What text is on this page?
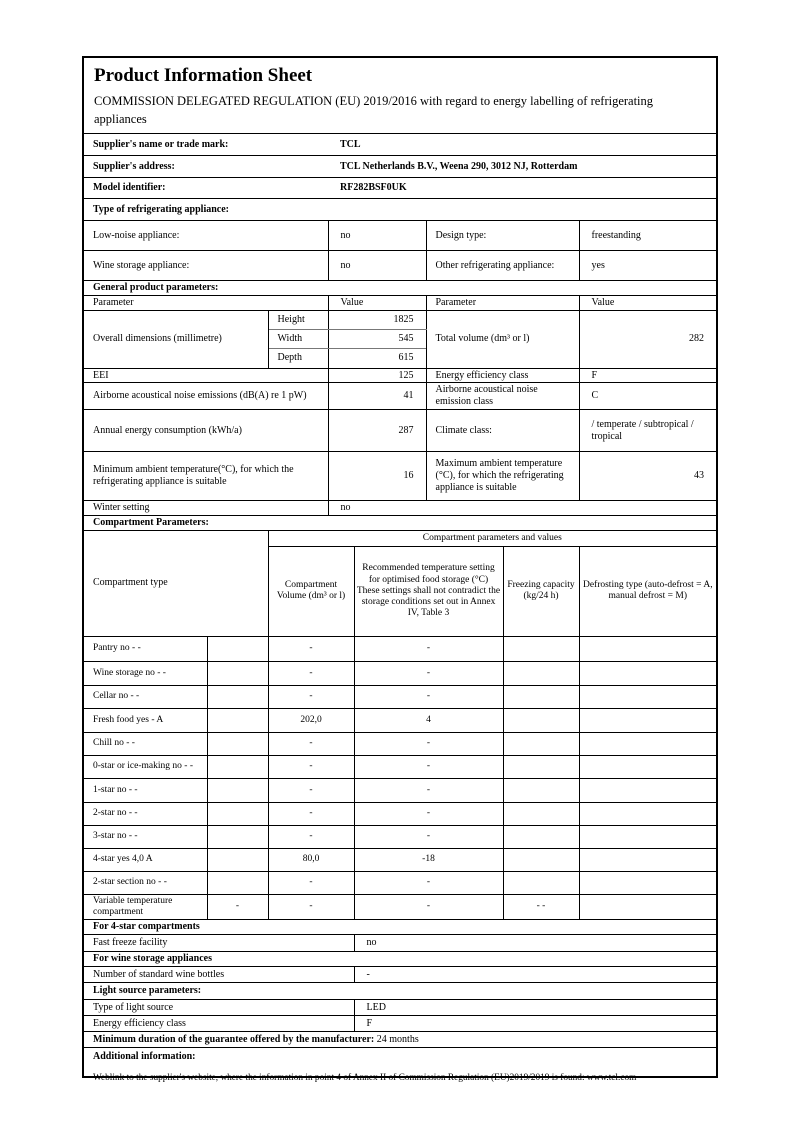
Product Information Sheet
COMMISSION DELEGATED REGULATION (EU) 2019/2016 with regard to energy labelling of refrigerating appliances

Supplier's name or trade mark:			TCL				
Supplier's address:			TCL Netherlands B.V., Weena 290, 3012 NJ, Rotterdam				
Model identifier:			RF282BSF0UK				
Type of refrigerating appliance:							
Low-noise appliance:			no		Design type:		freestanding
Wine storage appliance:			no		Other refrigerating appliance:		yes
General product parameters:							
Parameter			Value		Parameter		Value
Overall dimensions (millimetre)		Height	1825		Total volume (dm³ or l)		282
		Width	545				
		Depth	615				
EEI			125		Energy efficiency class		F
Airborne acoustical noise emissions (dB(A) re 1 pW)			41		Airborne acoustical noise emission class		C
Annual energy consumption (kWh/a)			287		Climate class:		/ temperate / subtropical / tropical
Minimum ambient temperature(°C), for which the refrigerating appliance is suitable			16		Maximum ambient temperature (°C), for which the refrigerating appliance is suitable		43
Winter setting			no				
Compartment Parameters:							
Compartment type		Compartment parameters and values					
		Compartment Volume (dm³ or l)		Recommended temperature setting for optimised food storage (°C) These settings shall not contradict the storage conditions set out in Annex IV, Table 3		Freezing capacity (kg/24 h)	Defrosting type (auto-defrost = A, manual defrost = M)
Pantry no - -		-		-			
Wine storage no - -		-		-			
Cellar no - -		-		-			
Fresh food yes - A		202,0		4			
Chill no - -		-		-			
0-star or ice-making no - -		-		-			
1-star no - -		-		-			
2-star no - -		-		-			
3-star no - -		-		-			
4-star yes 4,0 A		80,0		-18			
2-star section no - -		-		-			
Variable temperature compartment	-	-		-		- -	
For 4-star compartments							
Fast freeze facility				no			
For wine storage appliances							
Number of standard wine bottles				-			
Light source parameters:							
Type of light source				LED			
Energy efficiency class				F			
Minimum duration of the guarantee offered by the manufacturer: 24 months							
Additional information:							
Weblink to the supplier's website, where the information in point 4 of Annex II of Commission Regulation (EU)2019/2019 is found: www.tcl.com							
